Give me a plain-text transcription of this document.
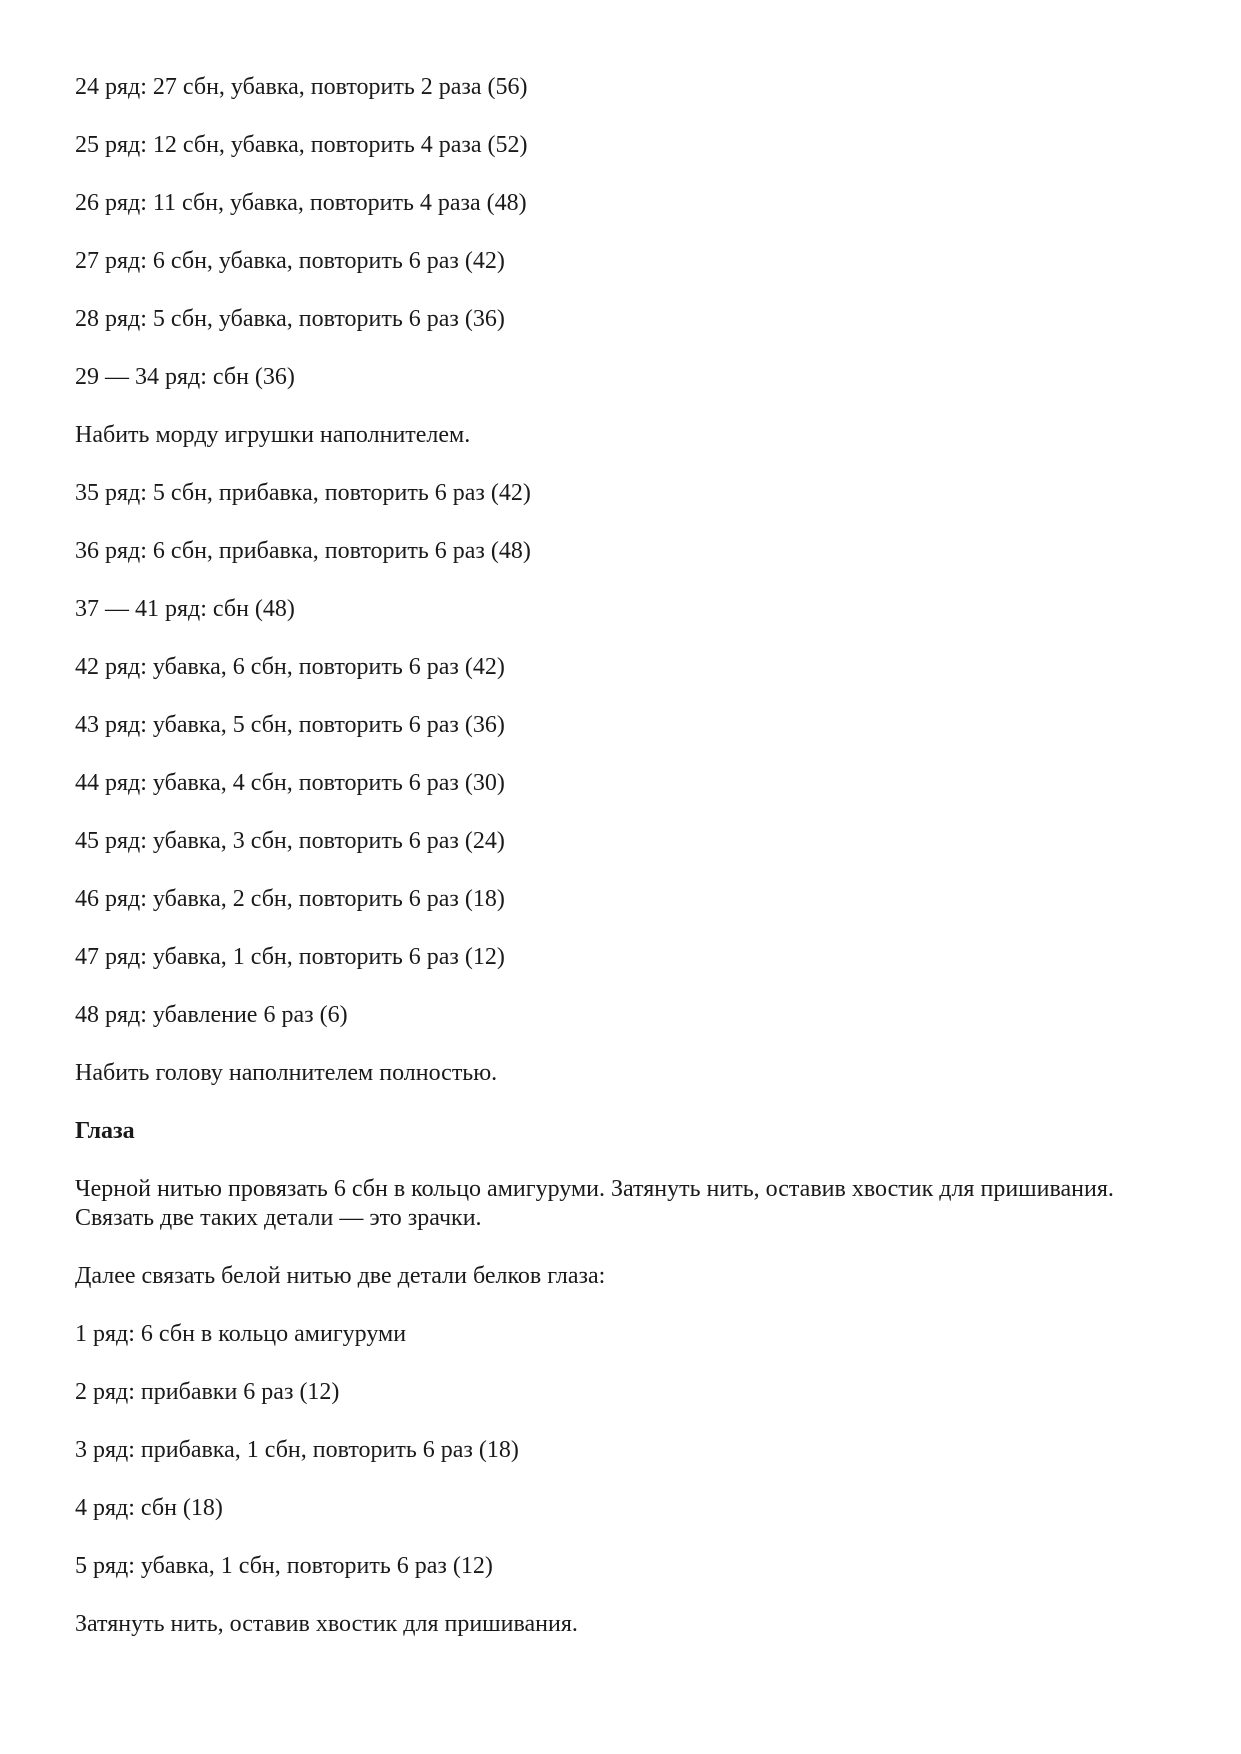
24 ряд: 27 сбн, убавка, повторить 2 раза (56)

25 ряд: 12 сбн, убавка, повторить 4 раза (52)

26 ряд: 11 сбн, убавка, повторить 4 раза (48)

27 ряд: 6 сбн, убавка, повторить 6 раз (42)

28 ряд: 5 сбн, убавка, повторить 6 раз (36)

29 — 34 ряд: сбн (36)

Набить морду игрушки наполнителем.

35 ряд: 5 сбн, прибавка, повторить 6 раз (42)

36 ряд: 6 сбн, прибавка, повторить 6 раз (48)

37 — 41 ряд: сбн (48)

42 ряд: убавка, 6 сбн, повторить 6 раз (42)

43 ряд: убавка, 5 сбн, повторить 6 раз (36)

44 ряд: убавка, 4 сбн, повторить 6 раз (30)

45 ряд: убавка, 3 сбн, повторить 6 раз (24)

46 ряд: убавка, 2 сбн, повторить 6 раз (18)

47 ряд: убавка, 1 сбн, повторить 6 раз (12)

48 ряд: убавление 6 раз (6)

Набить голову наполнителем полностью.

Глаза

Черной нитью провязать 6 сбн в кольцо амигуруми. Затянуть нить, оставив хвостик для пришивания.

Связать две таких детали — это зрачки.

Далее связать белой нитью две детали белков глаза:

1 ряд: 6 сбн в кольцо амигуруми

2 ряд: прибавки 6 раз (12)

3 ряд: прибавка, 1 сбн, повторить 6 раз (18)

4 ряд: сбн (18)

5 ряд: убавка, 1 сбн, повторить 6 раз (12)

Затянуть нить, оставив хвостик для пришивания.
